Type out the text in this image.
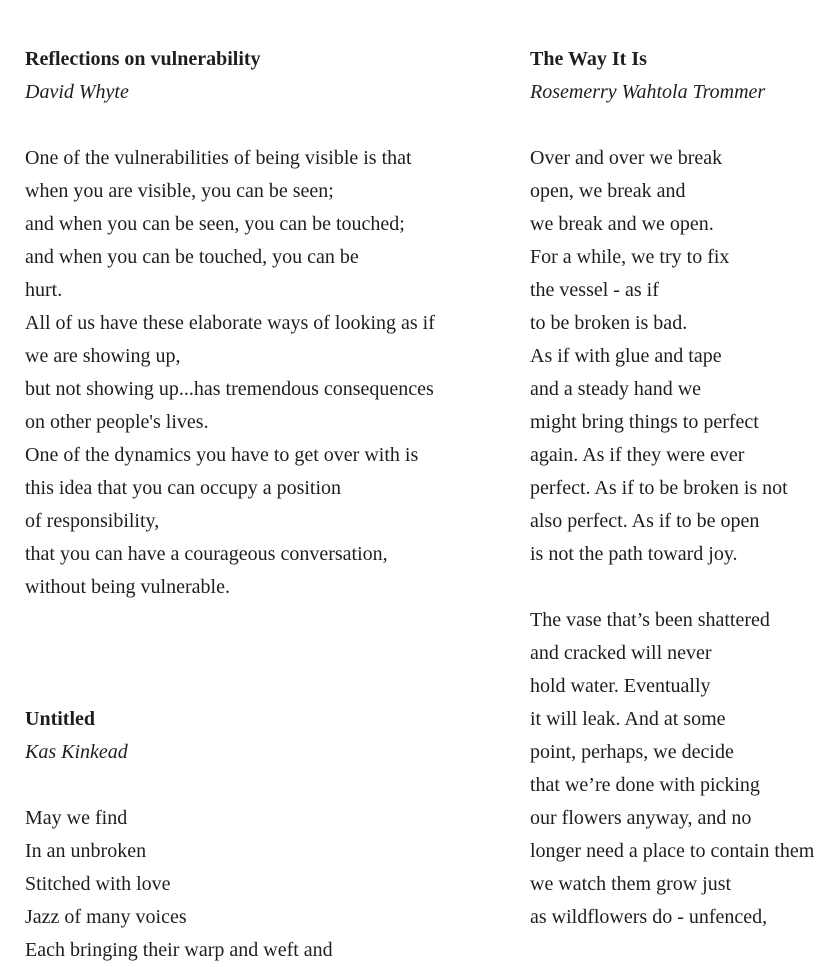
Reflections on vulnerability

David Whyte

One of the vulnerabilities of being visible is that

when you are visible, you can be seen;

and when you can be seen, you can be touched;

and when you can be touched, you can be

hurt.

All of us have these elaborate ways of looking as if

we are showing up,

but not showing up...has tremendous consequences

on other people's lives.

One of the dynamics you have to get over with is

this idea that you can occupy a position

of responsibility,

that you can have a courageous conversation,

without being vulnerable.

Untitled

Kas Kinkead

May we find

In an unbroken

Stitched with love

Jazz of many voices

Each bringing their warp and weft and

The Way It Is

Rosemerry Wahtola Trommer

Over and over we break

open, we break and

we break and we open.

For a while, we try to fix

the vessel - as if

to be broken is bad.

As if with glue and tape

and a steady hand we

might bring things to perfect

again. As if they were ever

perfect. As if to be broken is not

also perfect. As if to be open

is not the path toward joy.

The vase that’s been shattered

and cracked will never

hold water. Eventually

it will leak. And at some

point, perhaps, we decide

that we’re done with picking

our flowers anyway, and no

longer need a place to contain them

we watch them grow just

as wildflowers do - unfenced,
